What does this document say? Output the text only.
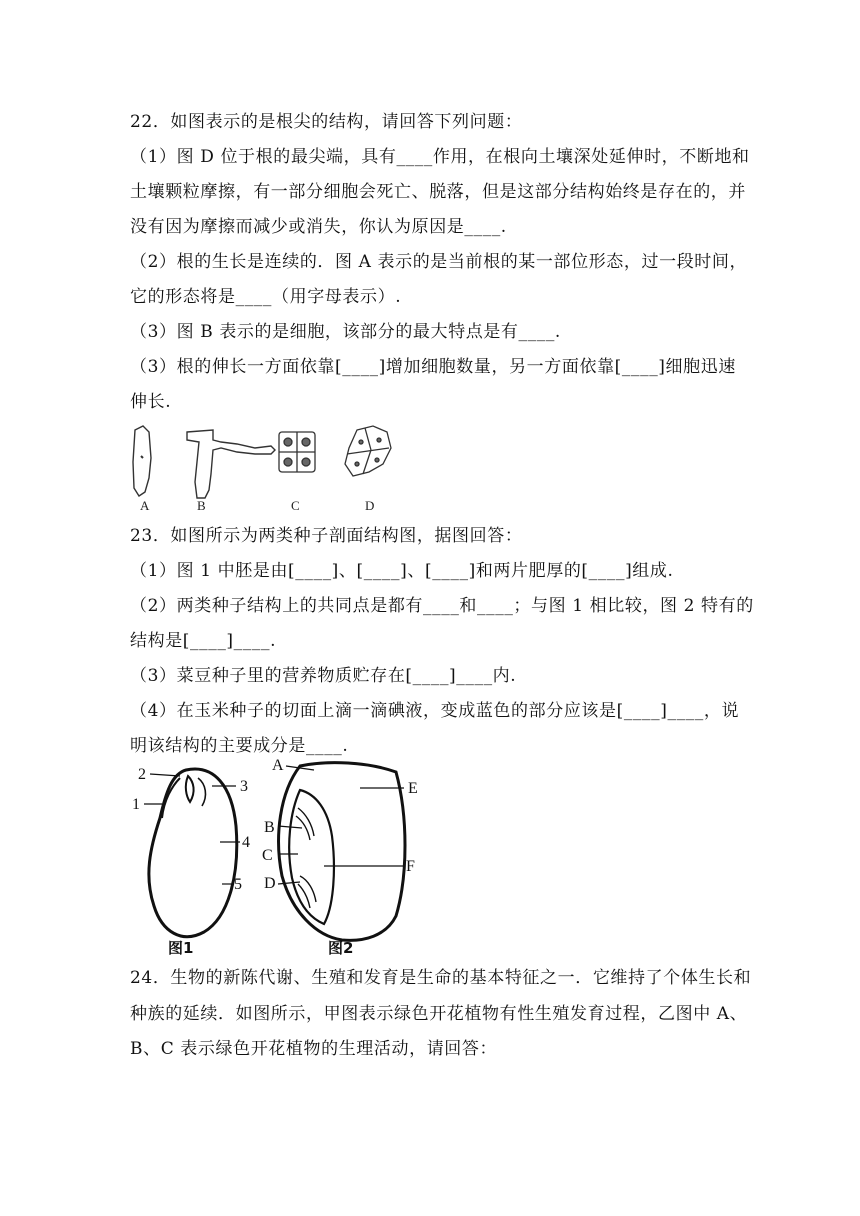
22．如图表示的是根尖的结构，请回答下列问题：
（1）图 D 位于根的最尖端，具有____作用，在根向土壤深处延伸时，不断地和
土壤颗粒摩擦，有一部分细胞会死亡、脱落，但是这部分结构始终是存在的，并
没有因为摩擦而减少或消失，你认为原因是____.
（2）根的生长是连续的．图 A 表示的是当前根的某一部位形态，过一段时间，
它的形态将是____（用字母表示）.
（3）图 B 表示的是细胞，该部分的最大特点是有____.
（3）根的伸长一方面依靠[____]增加细胞数量，另一方面依靠[____]细胞迅速
伸长.
A	B	C	D
23．如图所示为两类种子剖面结构图，据图回答：
（1）图 1 中胚是由[____]、[____]、[____]和两片肥厚的[____]组成.
（2）两类种子结构上的共同点是都有____和____；与图 1 相比较，图 2 特有的
结构是[____]____.
（3）菜豆种子里的营养物质贮存在[____]____内.
（4）在玉米种子的切面上滴一滴碘液，变成蓝色的部分应该是[____]____，说
明该结构的主要成分是____.
1
2
3
4
5
图1
A
B
C
D
E
F
图2
24．生物的新陈代谢、生殖和发育是生命的基本特征之一．它维持了个体生长和
种族的延续．如图所示，甲图表示绿色开花植物有性生殖发育过程，乙图中 A、
B、C 表示绿色开花植物的生理活动，请回答：
